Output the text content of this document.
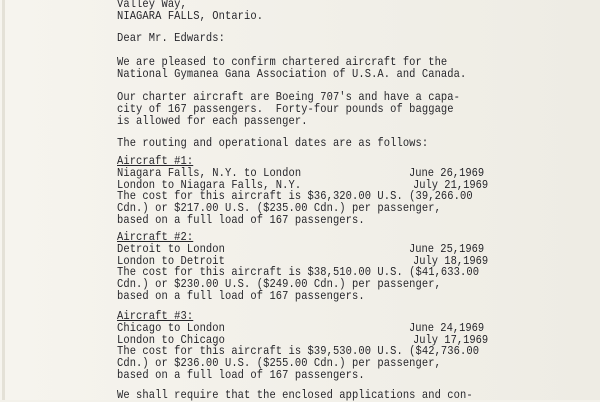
Valley Way,

NIAGARA FALLS, Ontario.

Dear Mr. Edwards:

We are pleased to confirm chartered aircraft for the

National Gymanea Gana Association of U.S.A. and Canada.

Our charter aircraft are Boeing 707's and have a capa-

city of 167 passengers.  Forty-four pounds of baggage

is allowed for each passenger.

The routing and operational dates are as follows:

Aircraft #1:

Niagara Falls, N.Y. to London	June 26,1969

London to Niagara Falls, N.Y.	July 21,1969

The cost for this aircraft is $36,320.00 U.S. (39,266.00

Cdn.) or $217.00 U.S. ($235.00 Cdn.) per passenger,

based on a full load of 167 passengers.

Aircraft #2:

Detroit to London	June 25,1969

London to Detroit	July 18,1969

The cost for this aircraft is $38,510.00 U.S. ($41,633.00

Cdn.) or $230.00 U.S. ($249.00 Cdn.) per passenger,

based on a full load of 167 passengers.

Aircraft #3:

Chicago to London	June 24,1969

London to Chicago	July 17,1969

The cost for this aircraft is $39,530.00 U.S. ($42,736.00

Cdn.) or $236.00 U.S. ($255.00 Cdn.) per passenger,

based on a full load of 167 passengers.

We shall require that the enclosed applications and con-
